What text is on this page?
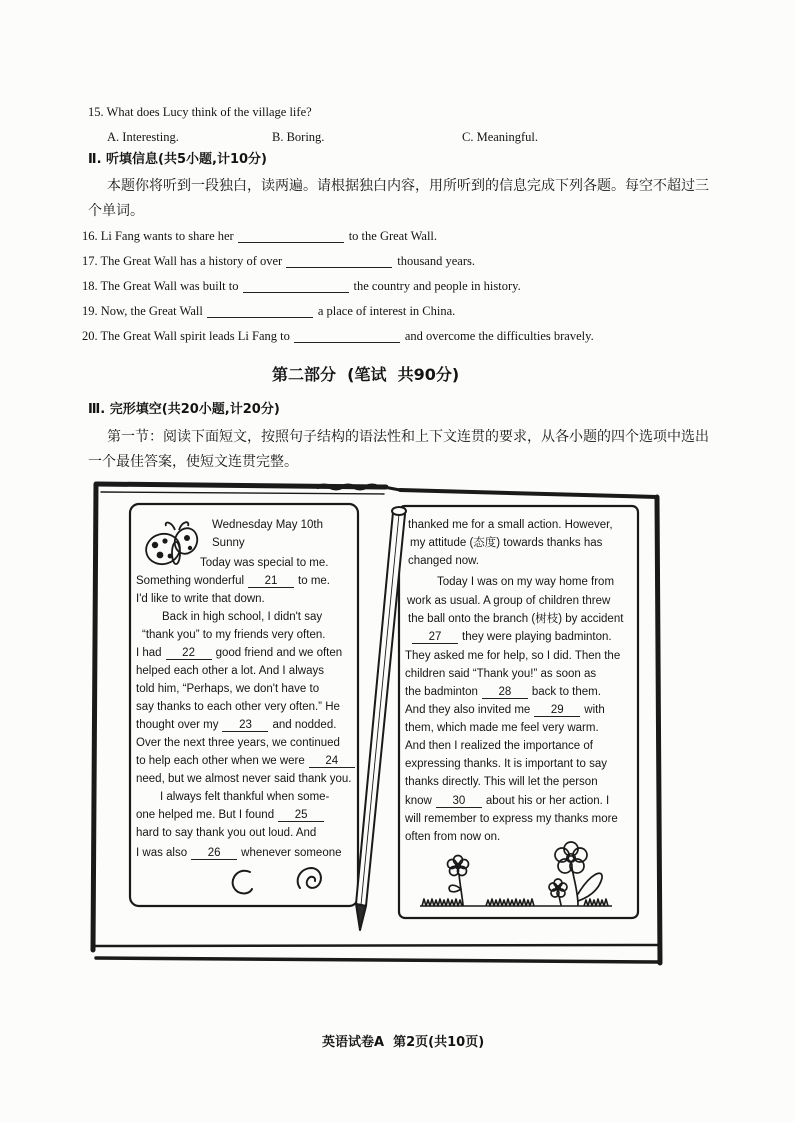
15. What does Lucy think of the village life?
A. Interesting.	B. Boring.	C. Meaningful.
Ⅱ. 听填信息(共5小题,计10分)
本题你将听到一段独白，读两遍。请根据独白内容，用所听到的信息完成下列各题。每空不超过三
个单词。
16. Li Fang wants to share her	to the Great Wall.
17. The Great Wall has a history of over	thousand years.
18. The Great Wall was built to	the country and people in history.
19. Now, the Great Wall	a place of interest in China.
20. The Great Wall spirit leads Li Fang to	and overcome the difficulties bravely.
第二部分  (笔试  共90分)
Ⅲ. 完形填空(共20小题,计20分)
第一节：阅读下面短文，按照句子结构的语法性和上下文连贯的要求，从各小题的四个选项中选出
一个最佳答案，使短文连贯完整。
Wednesday May 10th
Sunny
Today was special to me.
Something wonderful 21 to me.
I'd like to write that down.
Back in high school, I didn't say
“thank you” to my friends very often.
I had 22 good friend and we often
helped each other a lot. And I always
told him, “Perhaps, we don't have to
say thanks to each other very often.” He
thought over my 23 and nodded.
Over the next three years, we continued
to help each other when we were 24
need, but we almost never said thank you.
I always felt thankful when some-
one helped me. But I found 25
hard to say thank you out loud. And
I was also 26 whenever someone
thanked me for a small action. However,
my attitude (态度) towards thanks has
changed now.
Today I was on my way home from
work as usual. A group of children threw
the ball onto the branch (树枝) by accident
27 they were playing badminton.
They asked me for help, so I did. Then the
children said “Thank you!” as soon as
the badminton 28 back to them.
And they also invited me 29 with
them, which made me feel very warm.
And then I realized the importance of
expressing thanks. It is important to say
thanks directly. This will let the person
know 30 about his or her action. I
will remember to express my thanks more
often from now on.
英语试卷A  第2页(共10页)
